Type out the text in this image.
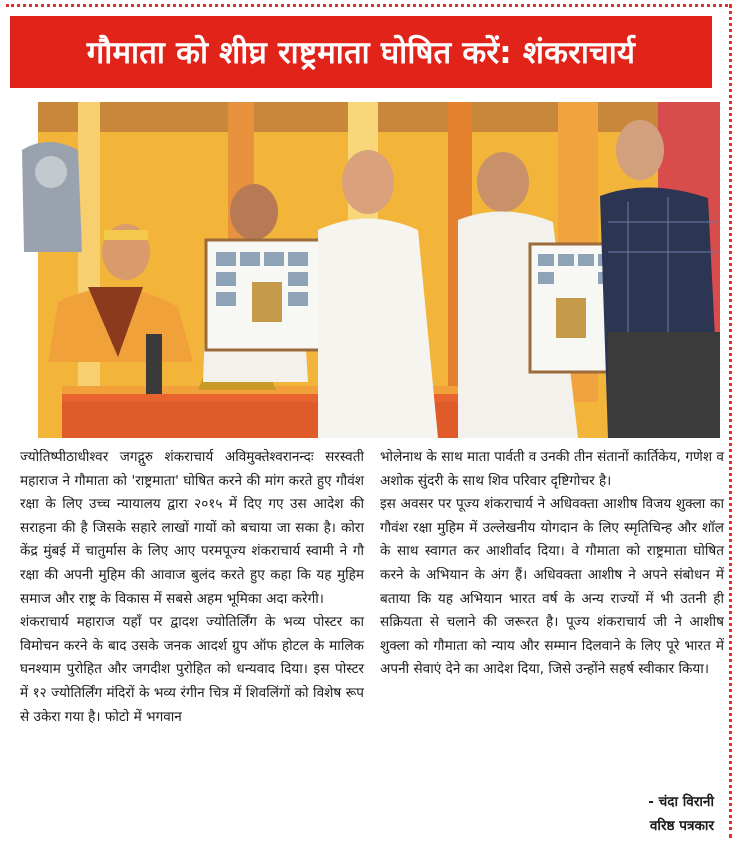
गौमाता को शीघ्र राष्ट्रमाता घोषित करें: शंकराचार्य

ज्योतिष्पीठाधीश्वर जगद्गुरु शंकराचार्य अविमुक्तेश्वरानन्दः सरस्वती महाराज ने गौमाता को 'राष्ट्रमाता' घोषित करने की मांग करते हुए गौवंश रक्षा के लिए उच्च न्यायालय द्वारा २०१५ में दिए गए उस आदेश की सराहना की है जिसके सहारे लाखों गायों को बचाया जा सका है। कोरा केंद्र मुंबई में चातुर्मास के लिए आए परमपूज्य शंकराचार्य स्वामी ने गौ रक्षा की अपनी मुहिम की आवाज बुलंद करते हुए कहा कि यह मुहिम समाज और राष्ट्र के विकास में सबसे अहम भूमिका अदा करेगी।

शंकराचार्य महाराज यहाँ पर द्वादश ज्योतिर्लिंग के भव्य पोस्टर का विमोचन करने के बाद उसके जनक आदर्श ग्रुप ऑफ होटल के मालिक घनश्याम पुरोहित और जगदीश पुरोहित को धन्यवाद दिया। इस पोस्टर में १२ ज्योतिर्लिंग मंदिरों के भव्य रंगीन चित्र में शिवलिंगों को विशेष रूप से उकेरा गया है। फोटो में भगवान

भोलेनाथ के साथ माता पार्वती व उनकी तीन संतानों कार्तिकेय, गणेश व अशोक सुंदरी के साथ शिव परिवार दृष्टिगोचर है।

इस अवसर पर पूज्य शंकराचार्य ने अधिवक्ता आशीष विजय शुक्ला का गौवंश रक्षा मुहिम में उल्लेखनीय योगदान के लिए स्मृतिचिन्ह और शॉल के साथ स्वागत कर आशीर्वाद दिया। वे गौमाता को राष्ट्रमाता घोषित करने के अभियान के अंग हैं। अधिवक्ता आशीष ने अपने संबोधन में बताया कि यह अभियान भारत वर्ष के अन्य राज्यों में भी उतनी ही सक्रियता से चलाने की जरूरत है। पूज्य शंकराचार्य जी ने आशीष शुक्ला को गौमाता को न्याय और सम्मान दिलवाने के लिए पूरे भारत में अपनी सेवाएं देने का आदेश दिया, जिसे उन्होंने सहर्ष स्वीकार किया।

- चंदा विरानी
वरिष्ठ पत्रकार
